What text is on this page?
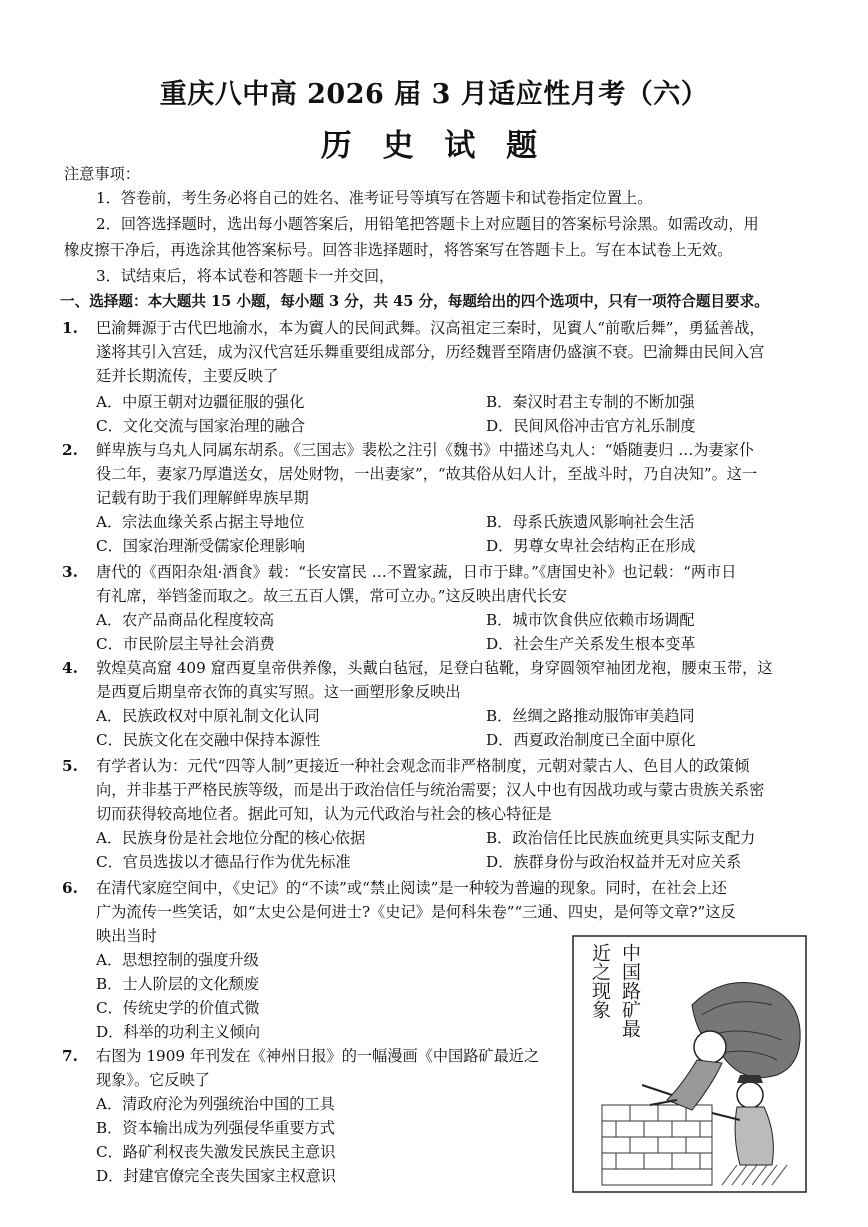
重庆八中高 2026 届 3 月适应性月考（六）
历 史 试 题
注意事项：
1．答卷前，考生务必将自己的姓名、准考证号等填写在答题卡和试卷指定位置上。
2．回答选择题时，选出每小题答案后，用铅笔把答题卡上对应题目的答案标号涂黑。如需改动，用
橡皮擦干净后，再选涂其他答案标号。回答非选择题时，将答案写在答题卡上。写在本试卷上无效。
3．试结束后，将本试卷和答题卡一并交回，
一、选择题：本大题共 15 小题，每小题 3 分，共 45 分，每题给出的四个选项中，只有一项符合题目要求。
1. 巴渝舞源于古代巴地渝水，本为賨人的民间武舞。汉高祖定三秦时，见賨人“前歌后舞”，勇猛善战，
遂将其引入宫廷，成为汉代宫廷乐舞重要组成部分，历经魏晋至隋唐仍盛演不衰。巴渝舞由民间入宫
廷并长期流传，主要反映了
A．中原王朝对边疆征服的强化	B．秦汉时君主专制的不断加强
C．文化交流与国家治理的融合	D．民间风俗冲击官方礼乐制度
2. 鲜卑族与乌丸人同属东胡系。《三国志》裴松之注引《魏书》中描述乌丸人：“婚随妻归 …为妻家仆
役二年，妻家乃厚遣送女，居处财物，一出妻家”，“故其俗从妇人计，至战斗时，乃自决知”。这一
记载有助于我们理解鲜卑族早期
A．宗法血缘关系占据主导地位	B．母系氏族遗风影响社会生活
C．国家治理渐受儒家伦理影响	D．男尊女卑社会结构正在形成
3. 唐代的《酉阳杂俎·酒食》载：“长安富民 …不置家蔬，日市于肆。”《唐国史补》也记载：“两市日
有礼席，举铛釜而取之。故三五百人馔，常可立办。”这反映出唐代长安
A．农产品商品化程度较高	B．城市饮食供应依赖市场调配
C．市民阶层主导社会消费	D．社会生产关系发生根本变革
4. 敦煌莫高窟 409 窟西夏皇帝供养像，头戴白毡冠，足登白毡靴，身穿圆领窄袖团龙袍，腰束玉带，这
是西夏后期皇帝衣饰的真实写照。这一画塑形象反映出
A．民族政权对中原礼制文化认同	B．丝绸之路推动服饰审美趋同
C．民族文化在交融中保持本源性	D．西夏政治制度已全面中原化
5. 有学者认为：元代“四等人制”更接近一种社会观念而非严格制度，元朝对蒙古人、色目人的政策倾
向，并非基于严格民族等级，而是出于政治信任与统治需要；汉人中也有因战功或与蒙古贵族关系密
切而获得较高地位者。据此可知，认为元代政治与社会的核心特征是
A．民族身份是社会地位分配的核心依据	B．政治信任比民族血统更具实际支配力
C．官员选拔以才德品行作为优先标准	D．族群身份与政治权益并无对应关系
6. 在清代家庭空间中，《史记》的“不读”或“禁止阅读”是一种较为普遍的现象。同时，在社会上还
广为流传一些笑话，如“太史公是何进士?《史记》是何科朱卷”“三通、四史，是何等文章?”这反
映出当时
A．思想控制的强度升级
B．士人阶层的文化颓废
C．传统史学的价值式微
D．科举的功利主义倾向
7. 右图为 1909 年刊发在《神州日报》的一幅漫画《中国路矿最近之
现象》。它反映了
A．清政府沦为列强统治中国的工具
B．资本输出成为列强侵华重要方式
C．路矿利权丧失激发民族民主意识
D．封建官僚完全丧失国家主权意识
中国路矿最
近之现象
